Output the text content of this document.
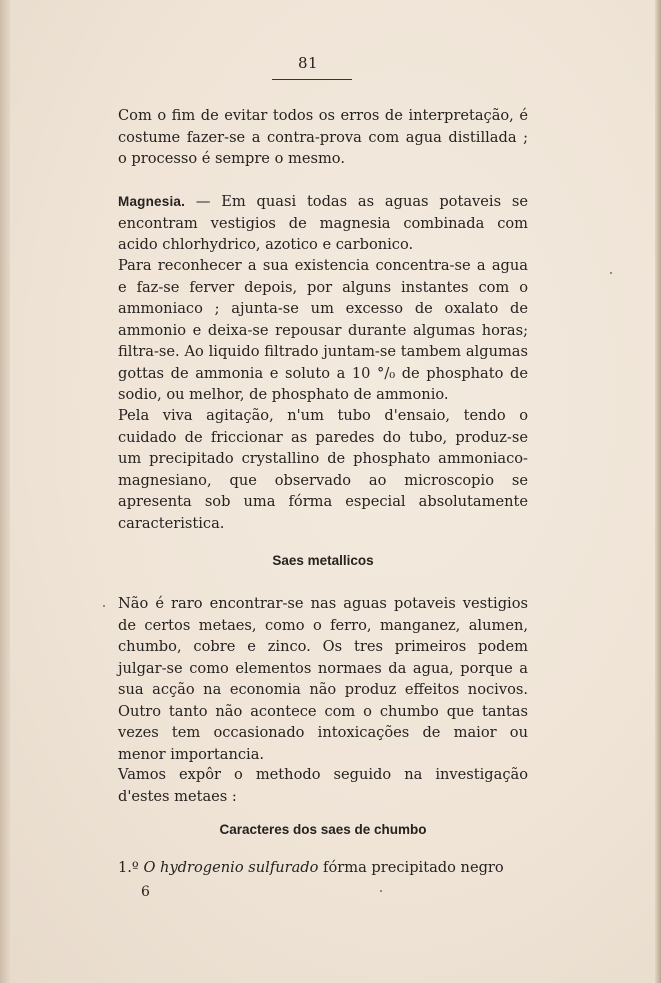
81

Com o fim de evitar todos os erros de interpretação, é costume fazer-se a contra-prova com agua distillada ; o processo é sempre o mesmo.

Magnesia. — Em quasi todas as aguas potaveis se encontram vestigios de magnesia combinada com acido chlorhydrico, azotico e carbonico.

Para reconhecer a sua existencia concentra-se a agua e faz-se ferver depois, por alguns instantes com o ammoniaco ; ajunta-se um excesso de oxalato de ammonio e deixa-se repousar durante algumas horas; filtra-se. Ao liquido filtrado juntam-se tambem algumas gottas de ammonia e soluto a 10 °/₀ de phosphato de sodio, ou melhor, de phosphato de ammonio.

Pela viva agitação, n'um tubo d'ensaio, tendo o cuidado de friccionar as paredes do tubo, produz-se um precipitado crystallino de phosphato ammoniaco-magnesiano, que observado ao microscopio se apresenta sob uma fórma especial absolutamente caracteristica.

Saes metallicos

Não é raro encontrar-se nas aguas potaveis vestigios de certos metaes, como o ferro, manganez, alumen, chumbo, cobre e zinco. Os tres primeiros podem julgar-se como elementos normaes da agua, porque a sua acção na economia não produz effeitos nocivos. Outro tanto não acontece com o chumbo que tantas vezes tem occasionado intoxicações de maior ou menor importancia.

Vamos expôr o methodo seguido na investigação d'estes metaes :

Caracteres dos saes de chumbo

1.º O hydrogenio sulfurado fórma precipitado negro

6
